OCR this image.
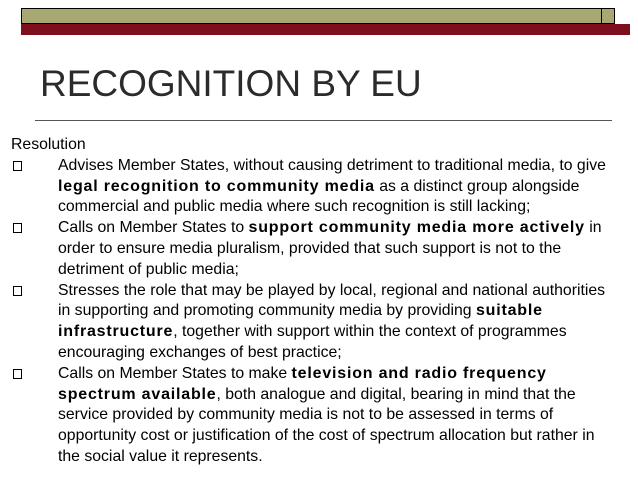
RECOGNITION BY EU
Resolution
Advises Member States, without causing detriment to traditional media, to give legal recognition to community media as a distinct group alongside commercial and public media where such recognition is still lacking;
Calls on Member States to support community media more actively in order to ensure media pluralism, provided that such support is not to the detriment of public media;
Stresses the role that may be played by local, regional and national authorities in supporting and promoting community media by providing suitable infrastructure, together with support within the context of programmes encouraging exchanges of best practice;
Calls on Member States to make television and radio frequency spectrum available, both analogue and digital, bearing in mind that the service provided by community media is not to be assessed in terms of opportunity cost or justification of the cost of spectrum allocation but rather in the social value it represents.
